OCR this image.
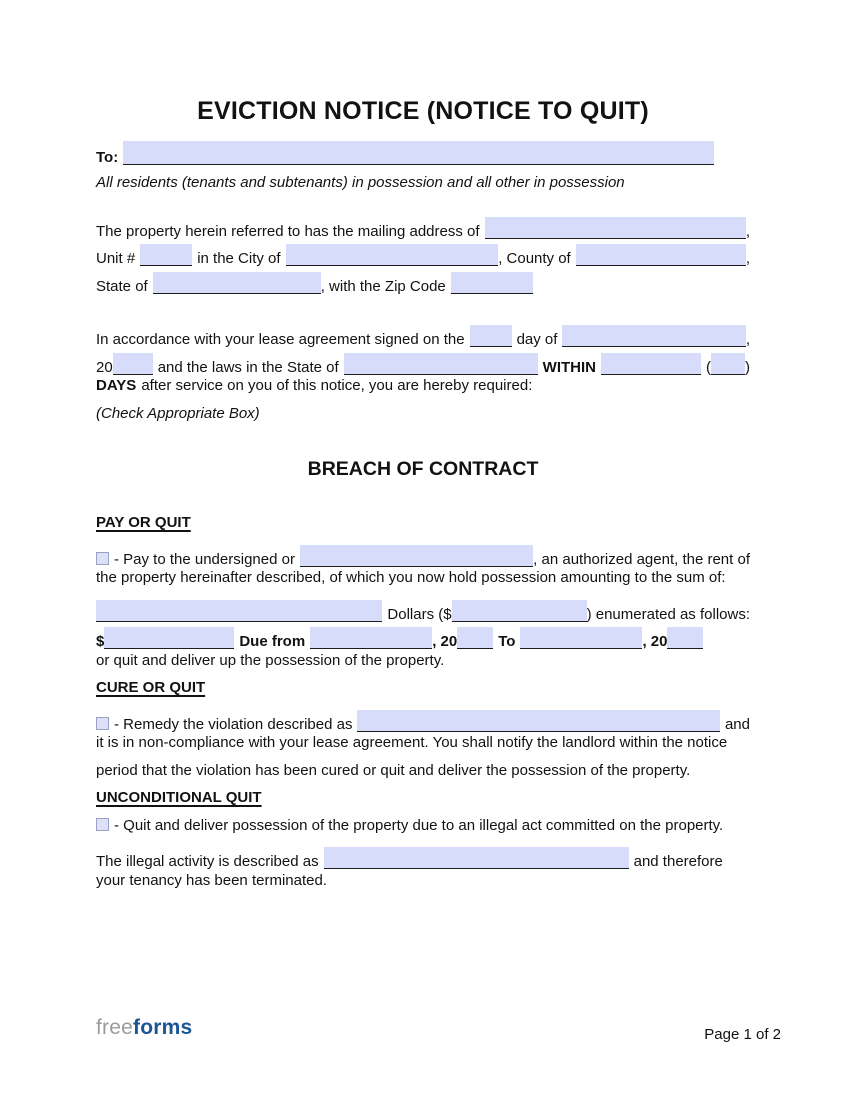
EVICTION NOTICE (NOTICE TO QUIT)
To:
All residents (tenants and subtenants) in possession and all other in possession
The property herein referred to has the mailing address of	,
Unit #	in the City of	, County of	,
State of	, with the Zip Code
In accordance with your lease agreement signed on the	day of	,
20	and the laws in the State of	WITHIN	( )
DAYS after service on you of this notice, you are hereby required:
(Check Appropriate Box)
BREACH OF CONTRACT
PAY OR QUIT
- Pay to the undersigned or	, an authorized agent, the rent of
the property hereinafter described, of which you now hold possession amounting to the sum of:
Dollars ($	) enumerated as follows:
$	Due from	, 20	To	, 20
or quit and deliver up the possession of the property.
CURE OR QUIT
- Remedy the violation described as	and
it is in non-compliance with your lease agreement. You shall notify the landlord within the notice
period that the violation has been cured or quit and deliver the possession of the property.
UNCONDITIONAL QUIT
- Quit and deliver possession of the property due to an illegal act committed on the property.
The illegal activity is described as	and therefore
your tenancy has been terminated.
freeforms	Page 1 of 2
